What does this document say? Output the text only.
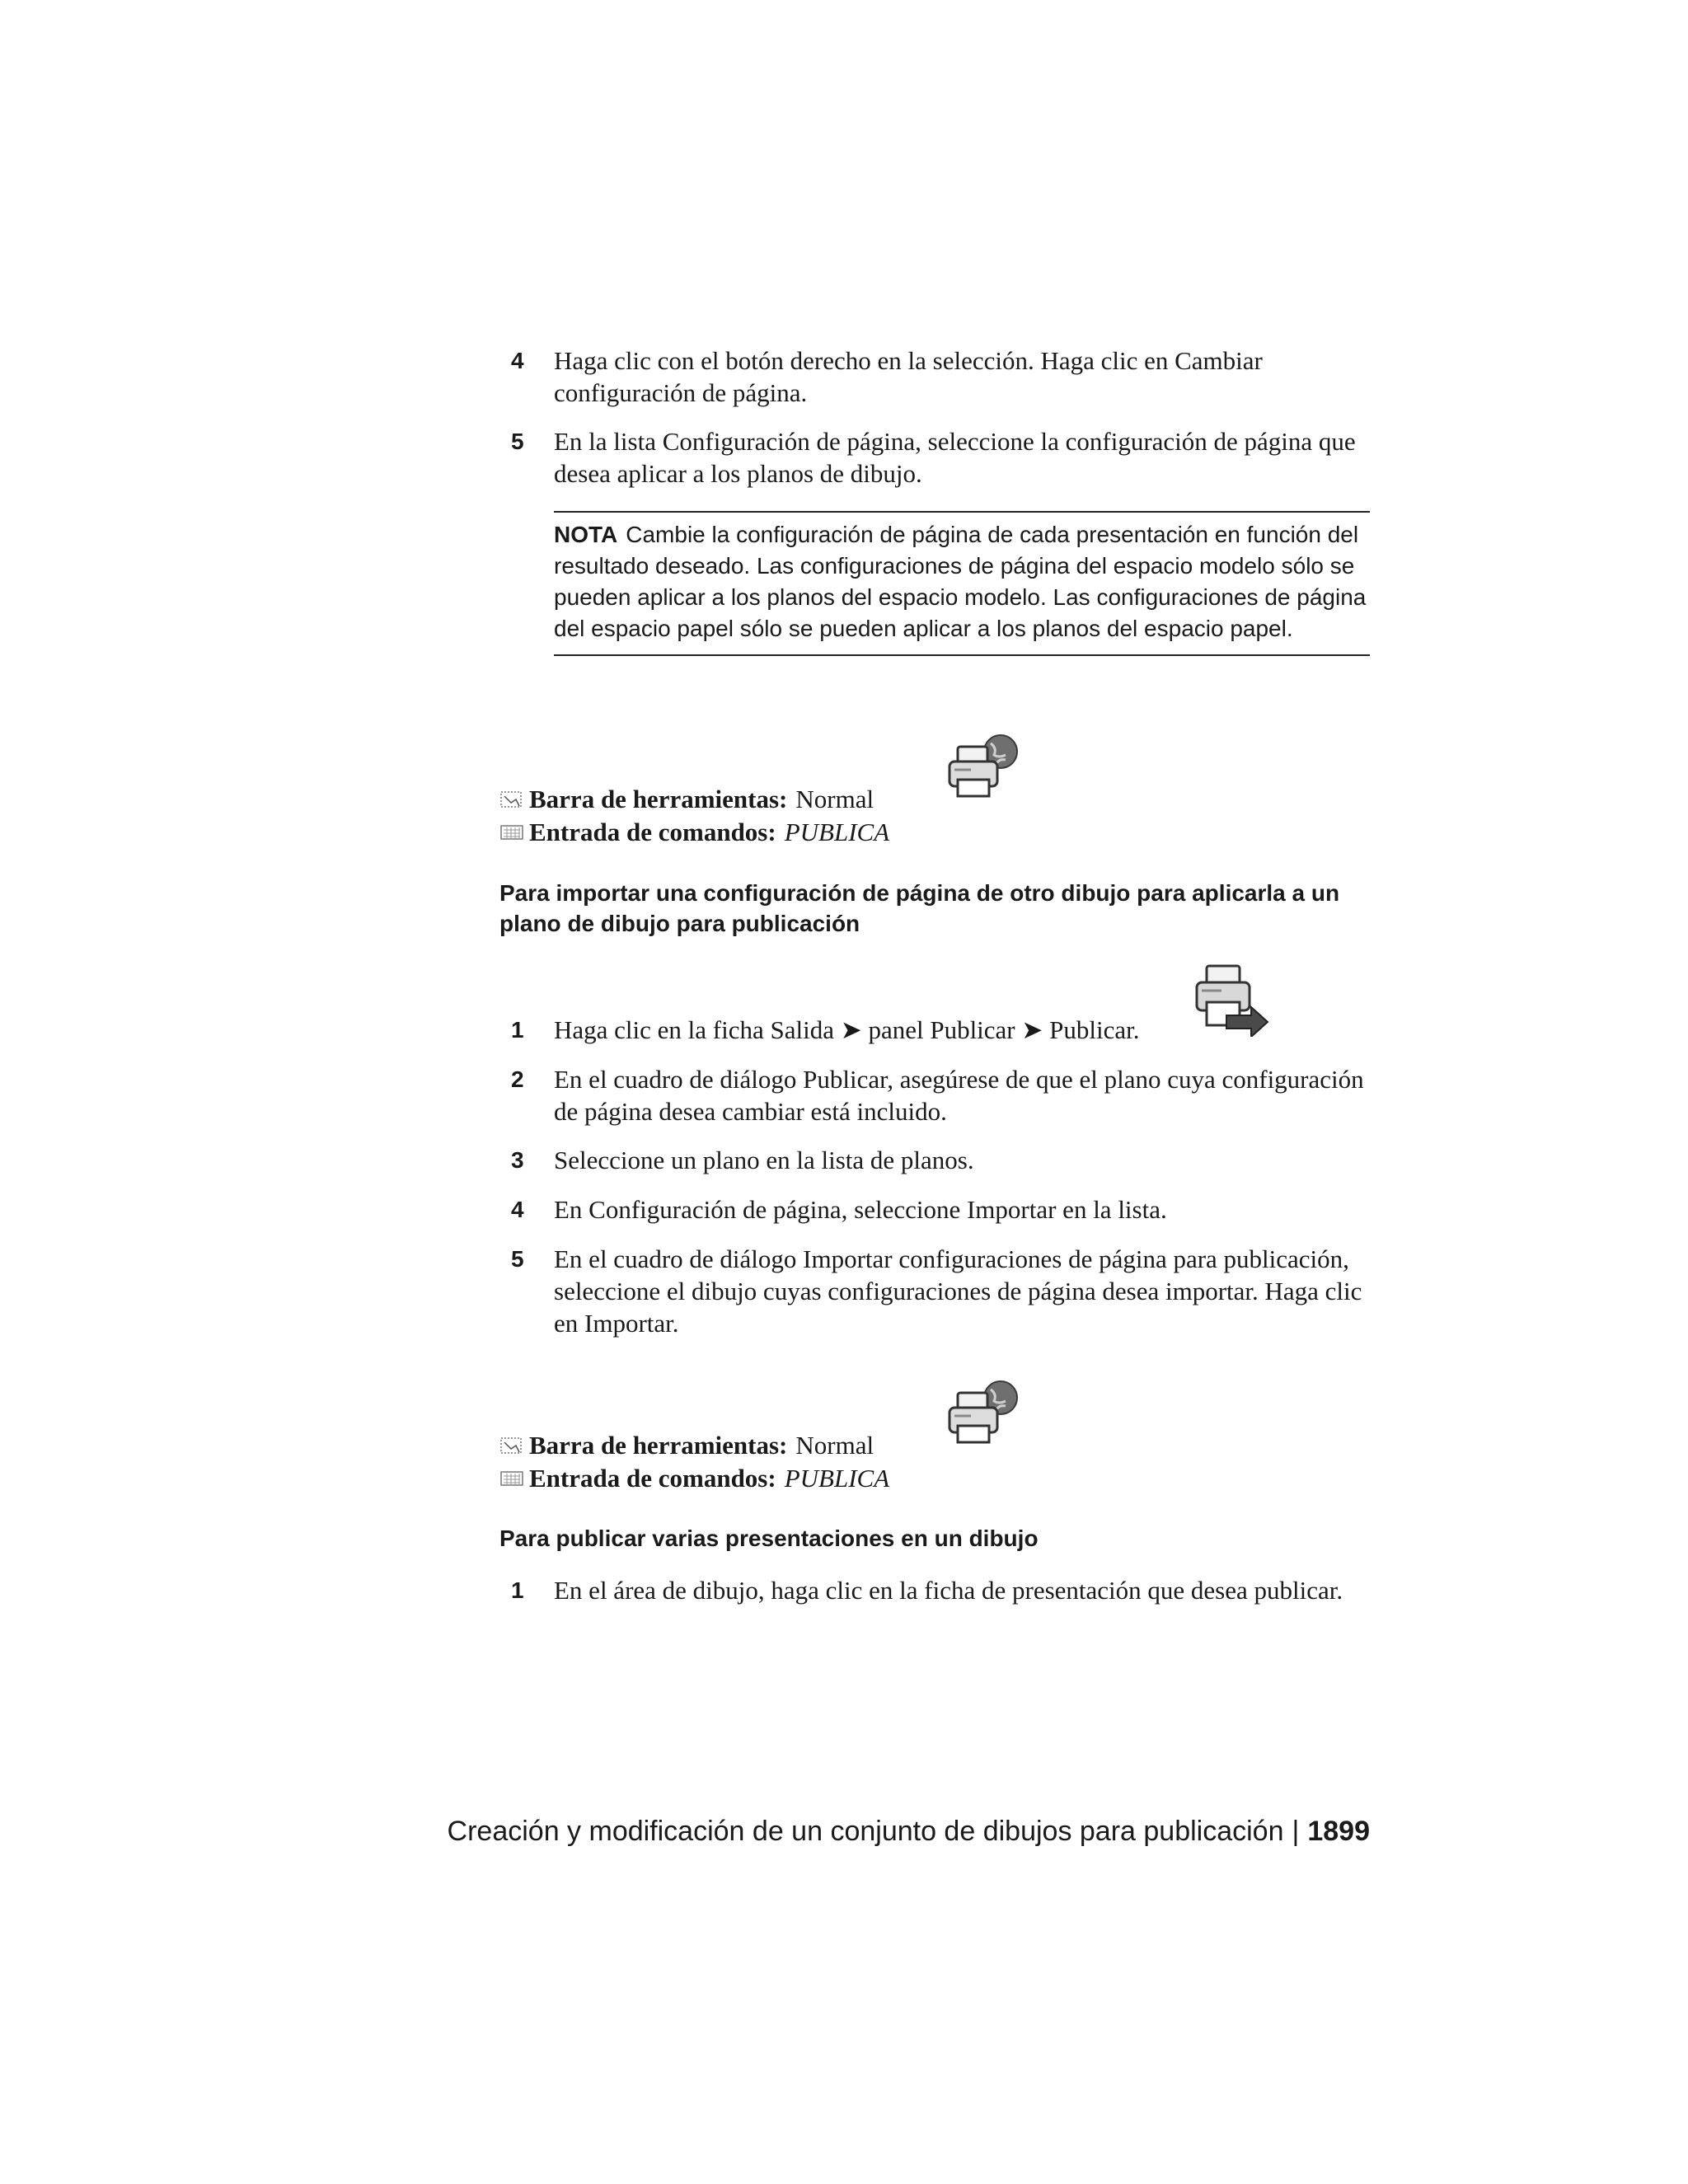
4	Haga clic con el botón derecho en la selección. Haga clic en Cambiar configuración de página.
5	En la lista Configuración de página, seleccione la configuración de página que desea aplicar a los planos de dibujo.
NOTA Cambie la configuración de página de cada presentación en función del resultado deseado. Las configuraciones de página del espacio modelo sólo se pueden aplicar a los planos del espacio modelo. Las configuraciones de página del espacio papel sólo se pueden aplicar a los planos del espacio papel.
Barra de herramientas: Normal
Entrada de comandos: PUBLICA
Para importar una configuración de página de otro dibujo para aplicarla a un plano de dibujo para publicación
1	Haga clic en la ficha Salida ➤ panel Publicar ➤ Publicar.
2	En el cuadro de diálogo Publicar, asegúrese de que el plano cuya configuración de página desea cambiar está incluido.
3	Seleccione un plano en la lista de planos.
4	En Configuración de página, seleccione Importar en la lista.
5	En el cuadro de diálogo Importar configuraciones de página para publicación, seleccione el dibujo cuyas configuraciones de página desea importar. Haga clic en Importar.
Barra de herramientas: Normal
Entrada de comandos: PUBLICA
Para publicar varias presentaciones en un dibujo
1	En el área de dibujo, haga clic en la ficha de presentación que desea publicar.
Creación y modificación de un conjunto de dibujos para publicación | 1899
